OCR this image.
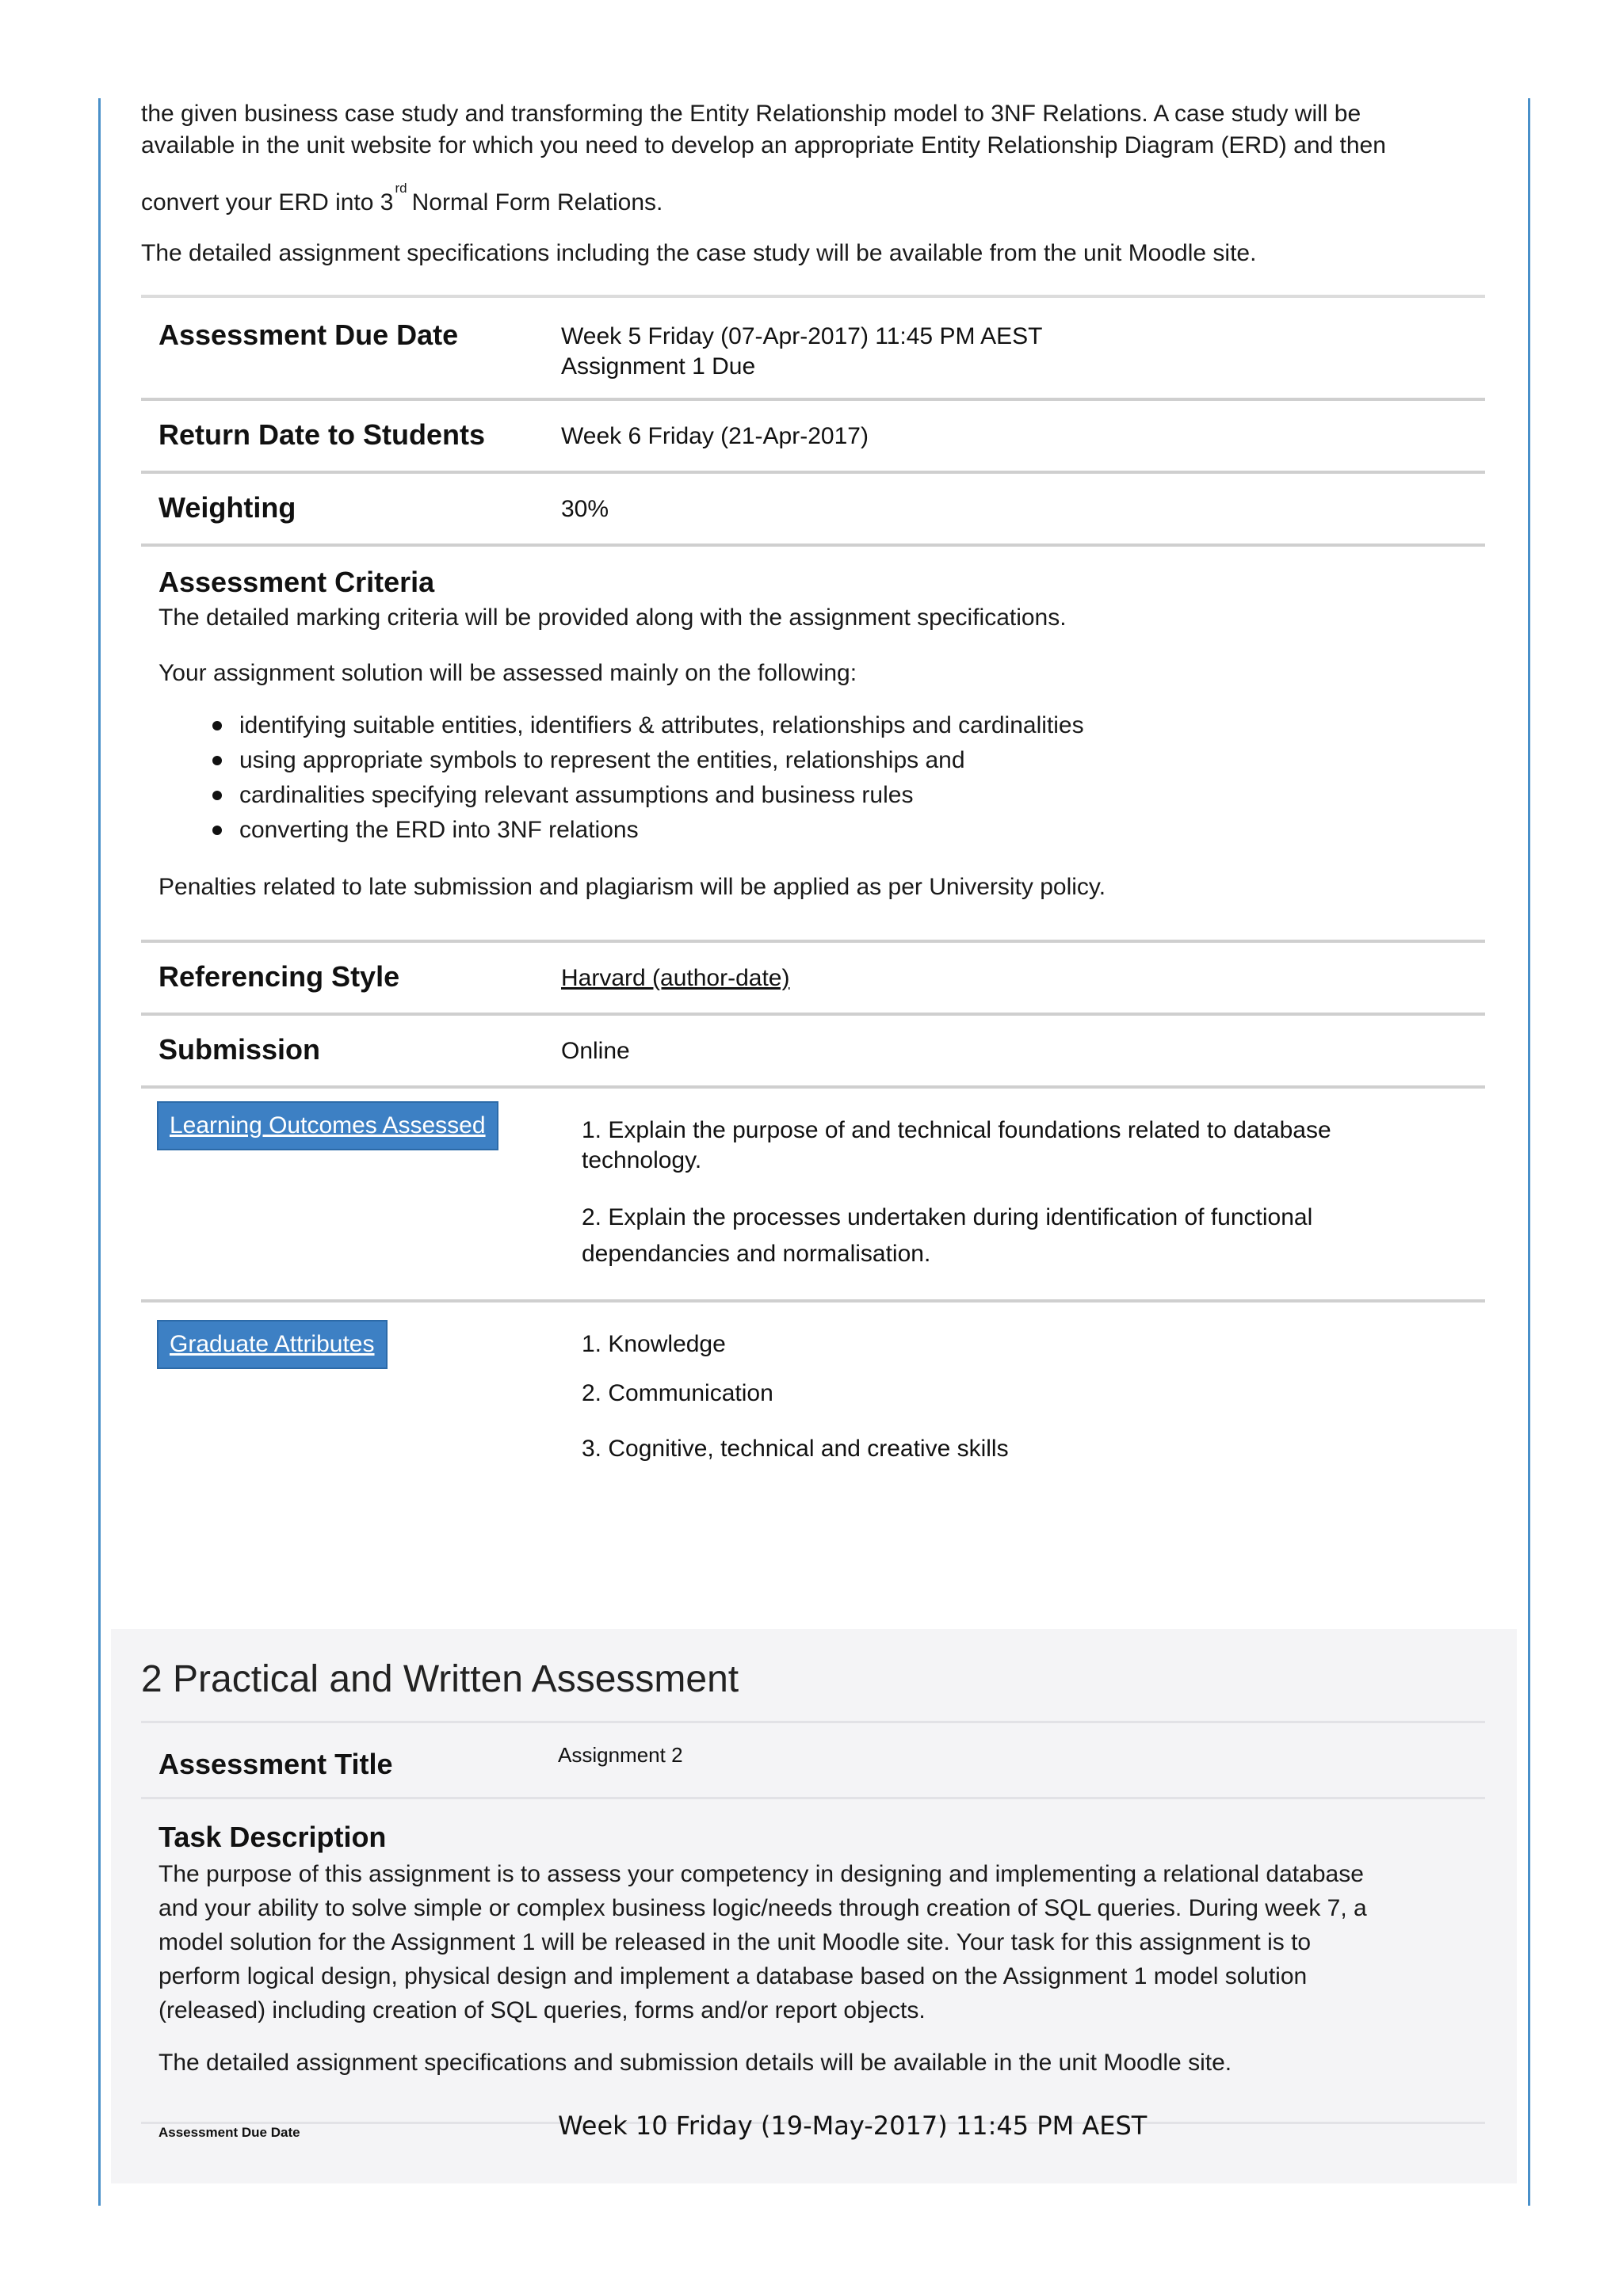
the given business case study and transforming the Entity Relationship model to 3NF Relations. A case study will be

available in the unit website for which you need to develop an appropriate Entity Relationship Diagram (ERD) and then

convert your ERD into 3rdNormal Form Relations.

The detailed assignment specifications including the case study will be available from the unit Moodle site.

Assessment Due Date	Week 5 Friday (07-Apr-2017) 11:45 PM AEST
Assignment 1 Due
Return Date to Students	Week 6 Friday (21-Apr-2017)
Weighting	30%
Assessment Criteria
The detailed marking criteria will be provided along with the assignment specifications.
Your assignment solution will be assessed mainly on the following:
identifying suitable entities, identifiers & attributes, relationships and cardinalities
using appropriate symbols to represent the entities, relationships and
cardinalities specifying relevant assumptions and business rules
converting the ERD into 3NF relations
Penalties related to late submission and plagiarism will be applied as per University policy.
Referencing Style	Harvard (author-date)
Submission	Online
Learning Outcomes Assessed	1. Explain the purpose of and technical foundations related to database
technology.
2. Explain the processes undertaken during identification of functional
dependancies and normalisation.
Graduate Attributes	1. Knowledge
2. Communication
3. Cognitive, technical and creative skills
2 Practical and Written Assessment
Assessment Title	Assignment 2
Task Description

The purpose of this assignment is to assess your competency in designing and implementing a relational database

and your ability to solve simple or complex business logic/needs through creation of SQL queries. During week 7, a

model solution for the Assignment 1 will be released in the unit Moodle site. Your task for this assignment is to

perform logical design, physical design and implement a database based on the Assignment 1 model solution

(released) including creation of SQL queries, forms and/or report objects.

The detailed assignment specifications and submission details will be available in the unit Moodle site.
Assessment Due Date	Week 10 Friday (19-May-2017) 11:45 PM AEST
